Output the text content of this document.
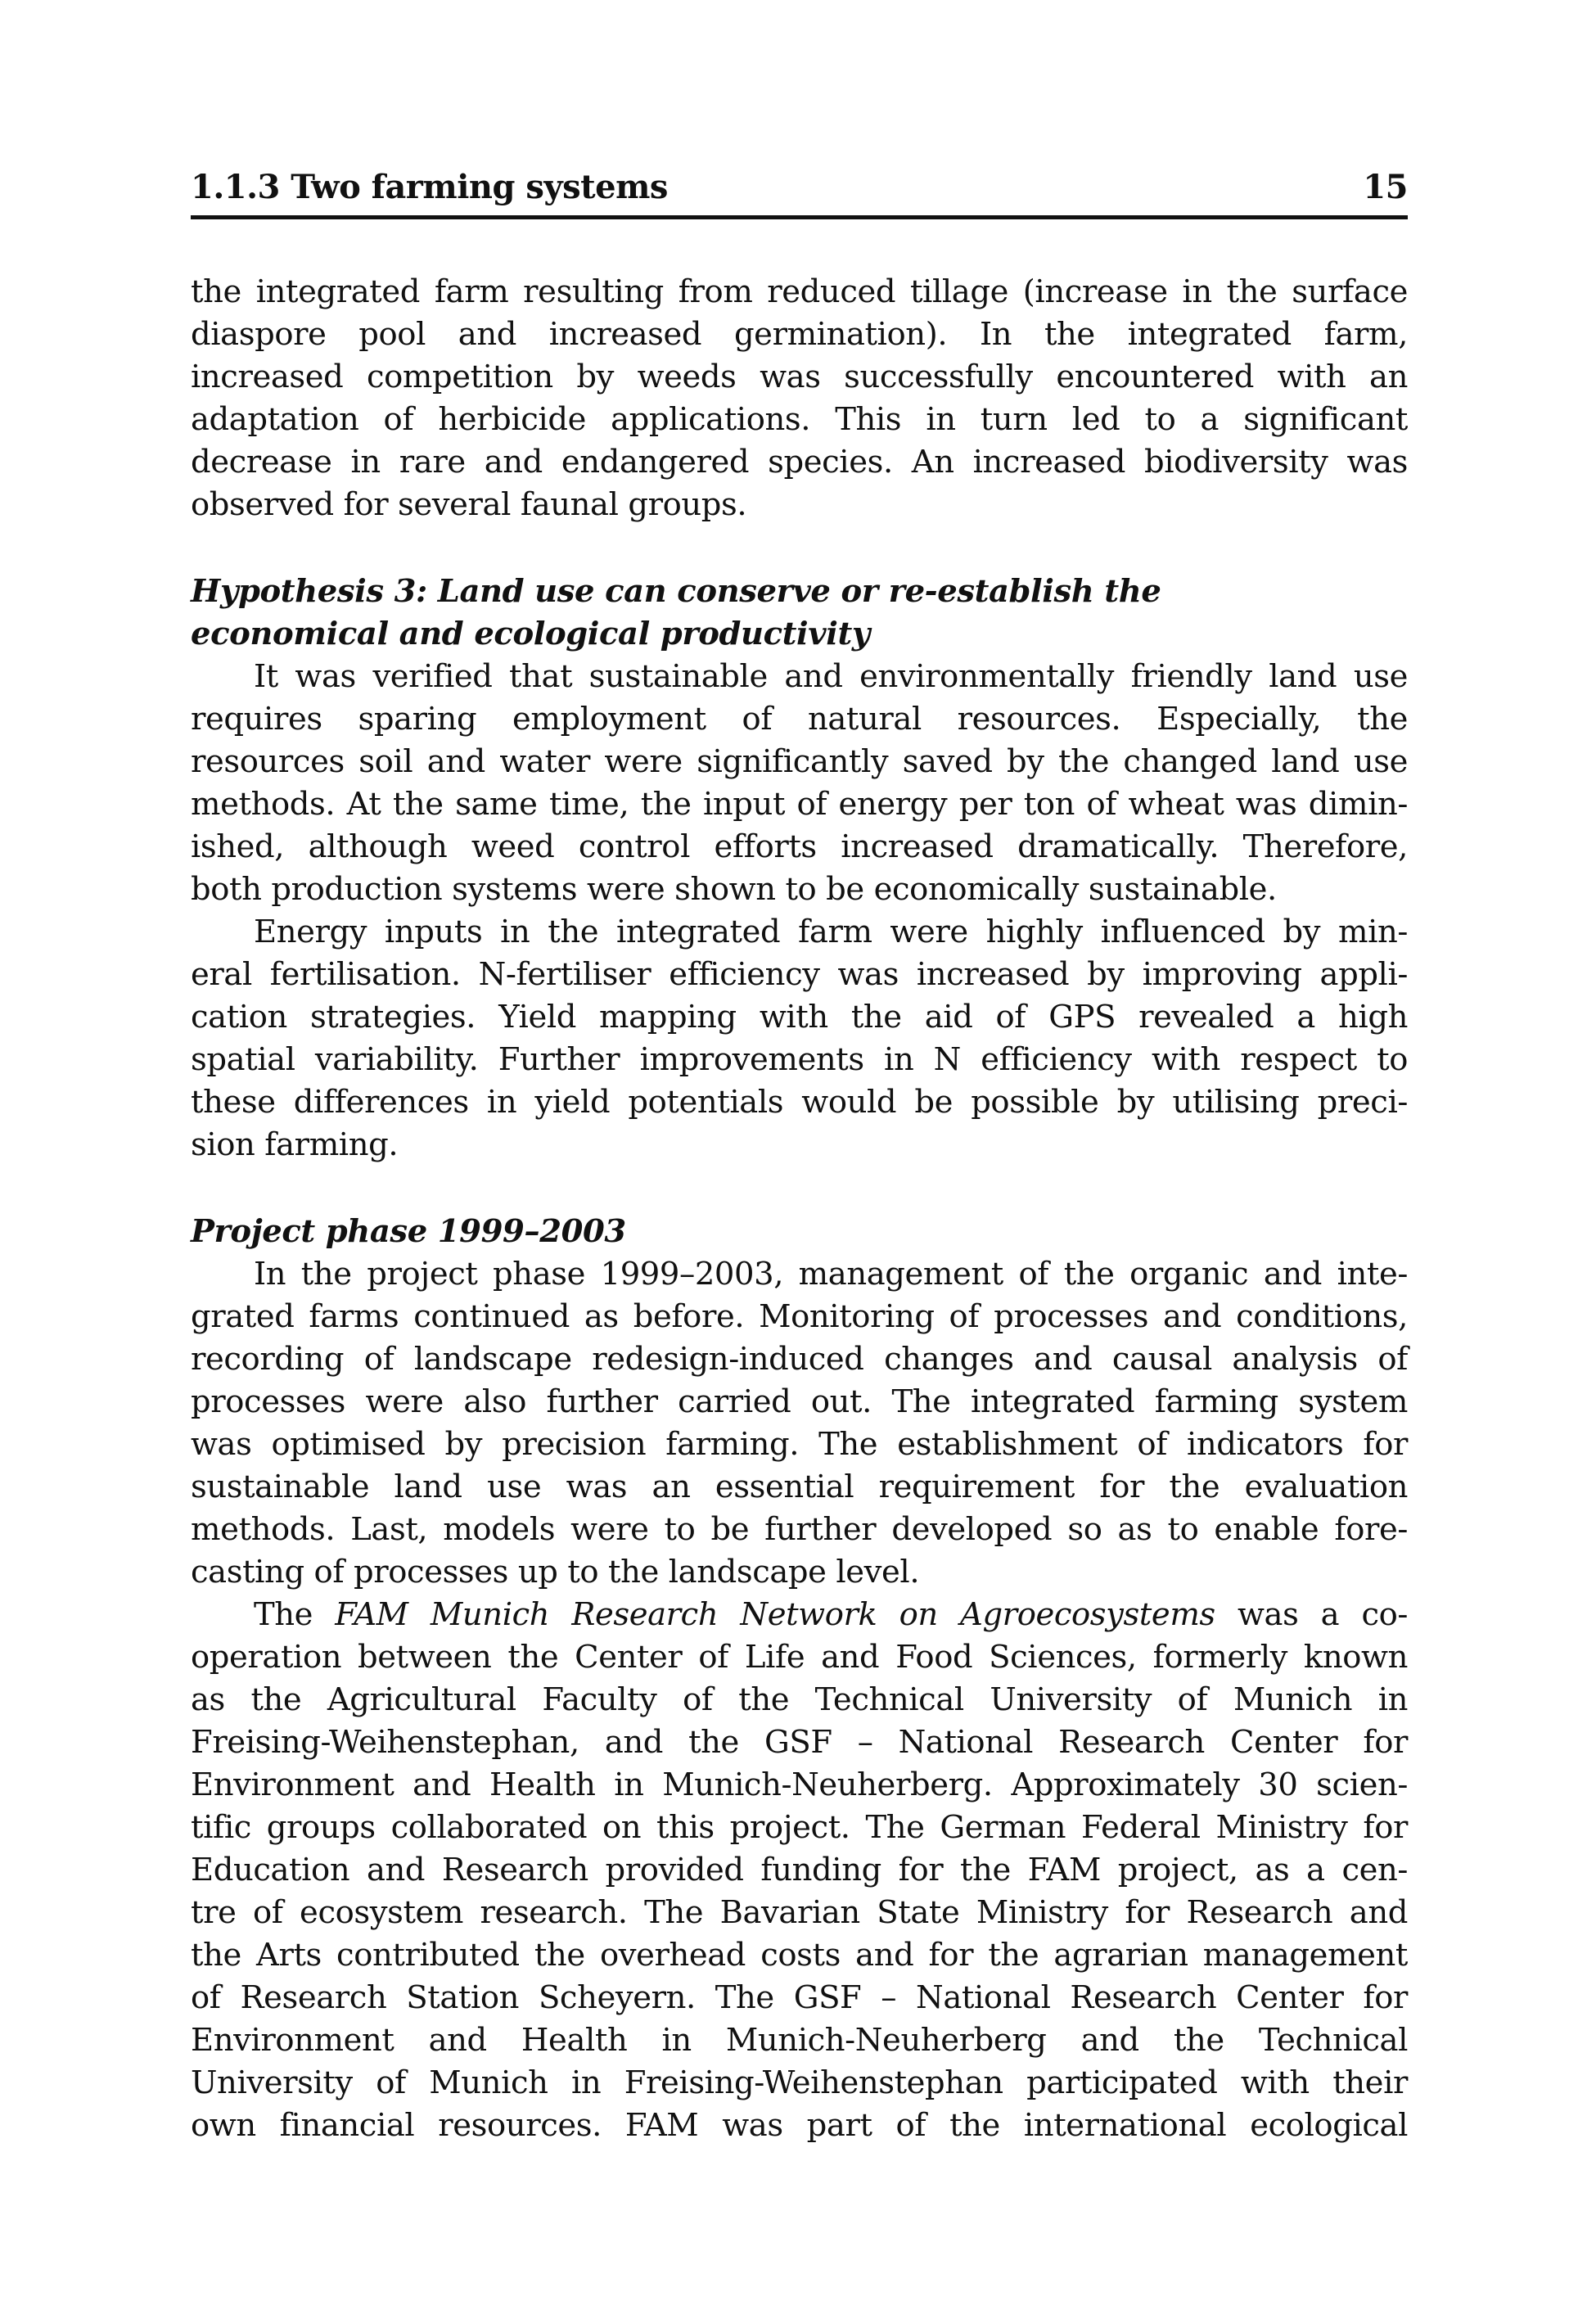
1.1.3 Two farming systems	15
the integrated farm resulting from reduced tillage (increase in the surface
diaspore pool and increased germination). In the integrated farm,
increased competition by weeds was successfully encountered with an
adaptation of herbicide applications. This in turn led to a significant
decrease in rare and endangered species. An increased biodiversity was
observed for several faunal groups.
Hypothesis 3: Land use can conserve or re-establish the
economical and ecological productivity
It was verified that sustainable and environmentally friendly land use
requires sparing employment of natural resources. Especially, the
resources soil and water were significantly saved by the changed land use
methods. At the same time, the input of energy per ton of wheat was dimin-
ished, although weed control efforts increased dramatically. Therefore,
both production systems were shown to be economically sustainable.
Energy inputs in the integrated farm were highly influenced by min-
eral fertilisation. N-fertiliser efficiency was increased by improving appli-
cation strategies. Yield mapping with the aid of GPS revealed a high
spatial variability. Further improvements in N efficiency with respect to
these differences in yield potentials would be possible by utilising preci-
sion farming.
Project phase 1999–2003
In the project phase 1999–2003, management of the organic and inte-
grated farms continued as before. Monitoring of processes and conditions,
recording of landscape redesign-induced changes and causal analysis of
processes were also further carried out. The integrated farming system
was optimised by precision farming. The establishment of indicators for
sustainable land use was an essential requirement for the evaluation
methods. Last, models were to be further developed so as to enable fore-
casting of processes up to the landscape level.
The FAM Munich Research Network on Agroecosystems was a co-
operation between the Center of Life and Food Sciences, formerly known
as the Agricultural Faculty of the Technical University of Munich in
Freising-Weihenstephan, and the GSF – National Research Center for
Environment and Health in Munich-Neuherberg. Approximately 30 scien-
tific groups collaborated on this project. The German Federal Ministry for
Education and Research provided funding for the FAM project, as a cen-
tre of ecosystem research. The Bavarian State Ministry for Research and
the Arts contributed the overhead costs and for the agrarian management
of Research Station Scheyern. The GSF – National Research Center for
Environment and Health in Munich-Neuherberg and the Technical
University of Munich in Freising-Weihenstephan participated with their
own financial resources. FAM was part of the international ecological
